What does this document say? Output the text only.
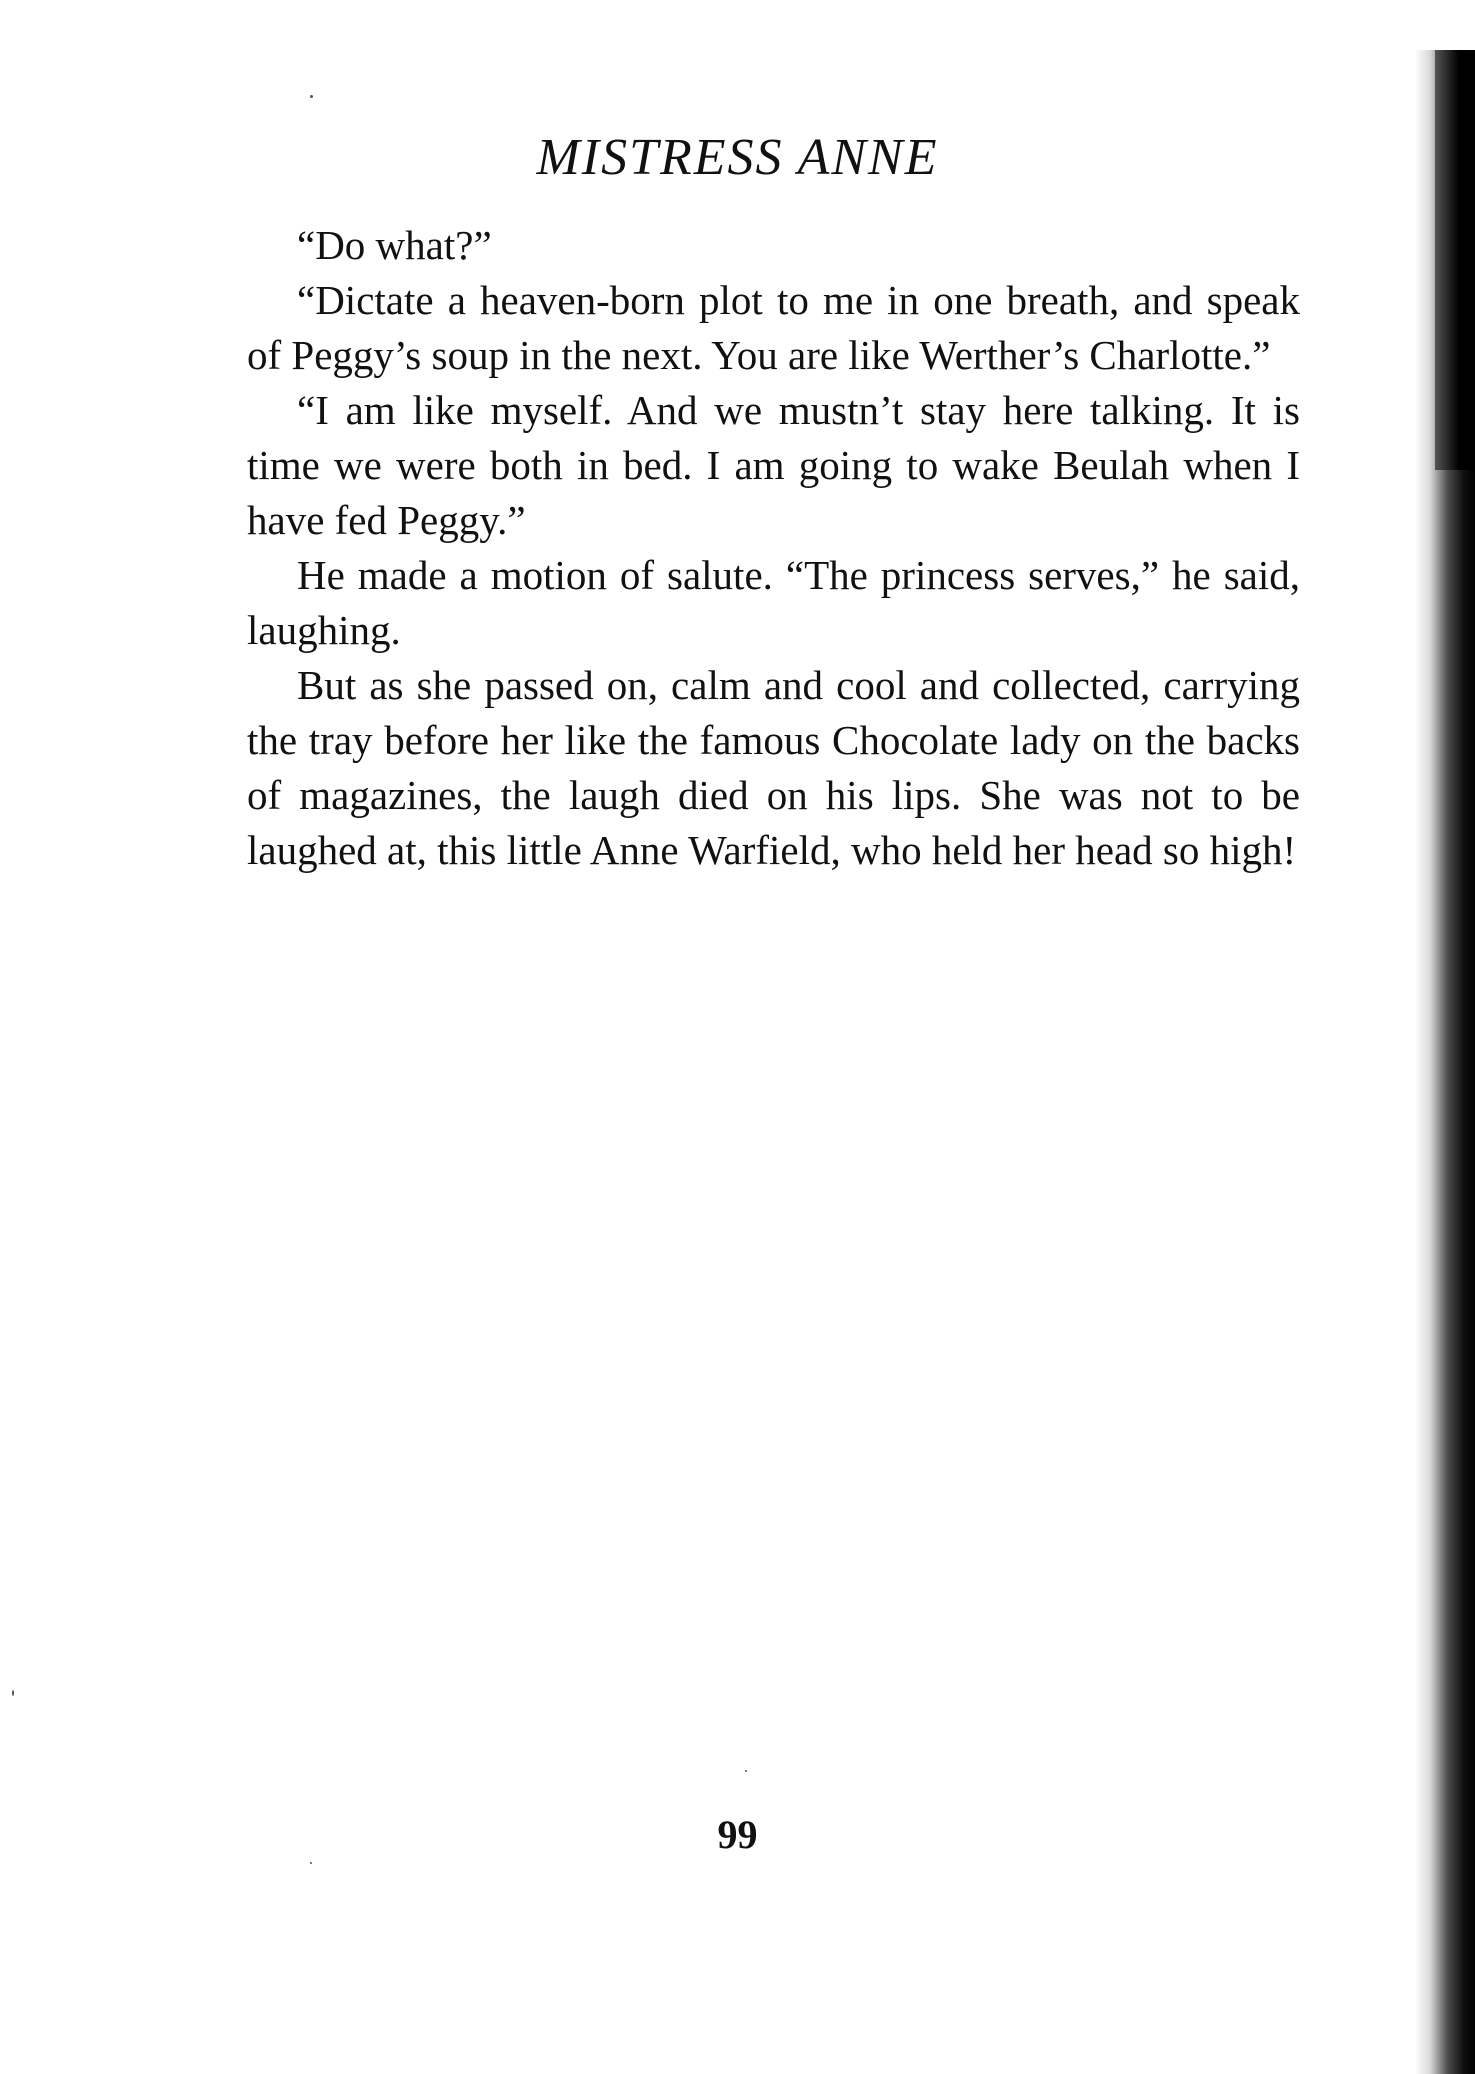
MISTRESS ANNE

“Do what?”

“Dictate a heaven-born plot to me in one breath, and speak of Peggy’s soup in the next. You are like Werther’s Charlotte.”

“I am like myself. And we mustn’t stay here talking. It is time we were both in bed. I am going to wake Beulah when I have fed Peggy.”

He made a motion of salute. “The princess serves,” he said, laughing.

But as she passed on, calm and cool and collected, carrying the tray before her like the famous Chocolate lady on the backs of magazines, the laugh died on his lips. She was not to be laughed at, this little Anne Warfield, who held her head so high!

99
